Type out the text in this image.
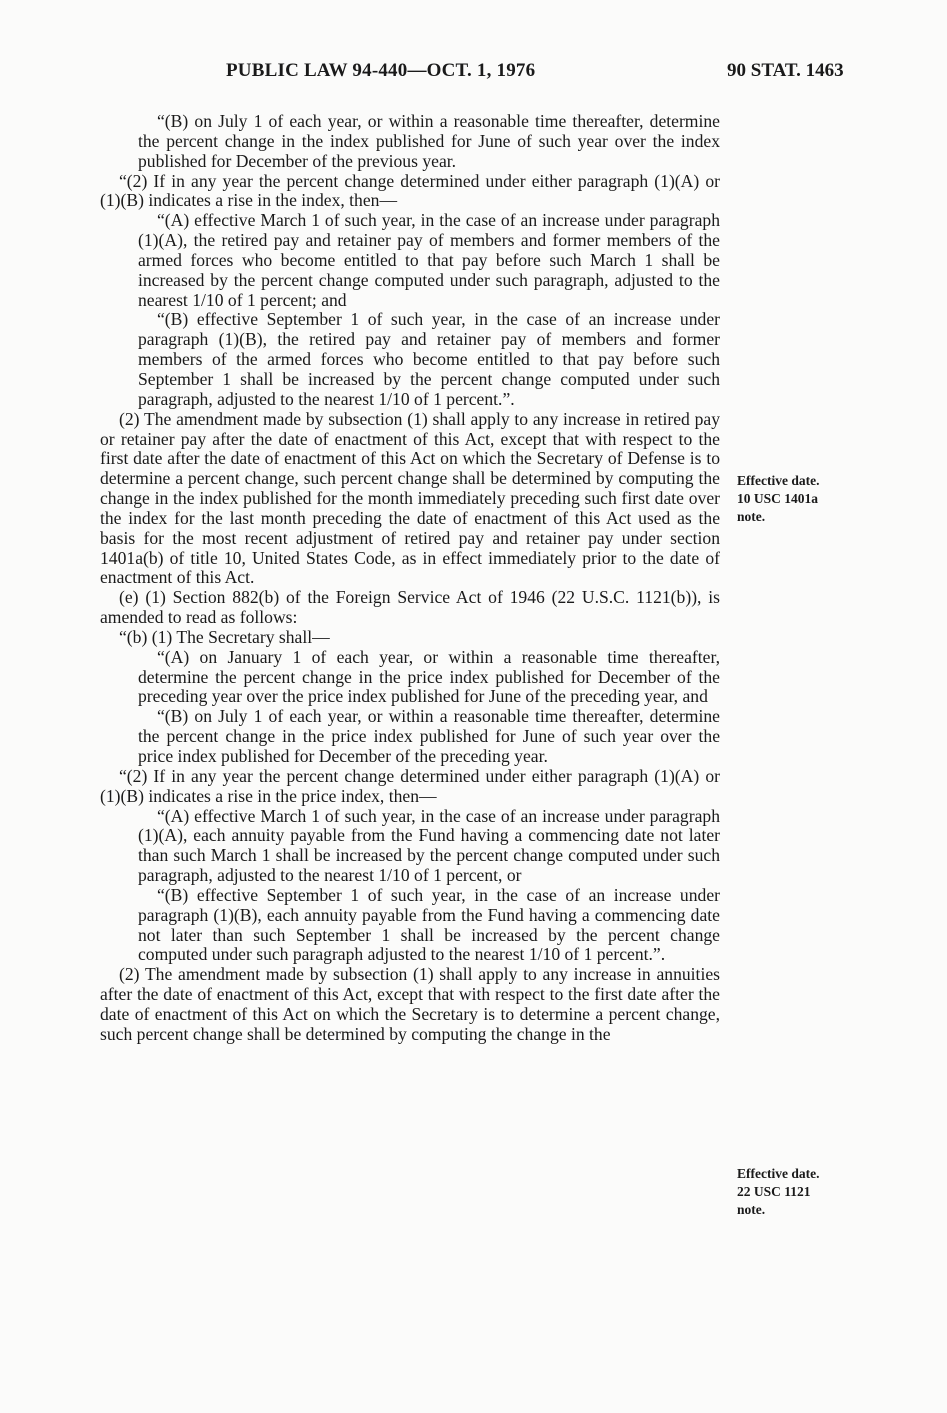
PUBLIC LAW 94-440—OCT. 1, 1976	90 STAT. 1463

“(B) on July 1 of each year, or within a reasonable time thereafter, determine the percent change in the index published for June of such year over the index published for December of the previous year.

“(2) If in any year the percent change determined under either paragraph (1)(A) or (1)(B) indicates a rise in the index, then—

“(A) effective March 1 of such year, in the case of an increase under paragraph (1)(A), the retired pay and retainer pay of members and former members of the armed forces who become entitled to that pay before such March 1 shall be increased by the percent change computed under such paragraph, adjusted to the nearest 1/10 of 1 percent; and

“(B) effective September 1 of such year, in the case of an increase under paragraph (1)(B), the retired pay and retainer pay of members and former members of the armed forces who become entitled to that pay before such September 1 shall be increased by the percent change computed under such paragraph, adjusted to the nearest 1/10 of 1 percent.”.

(2) The amendment made by subsection (1) shall apply to any increase in retired pay or retainer pay after the date of enactment of this Act, except that with respect to the first date after the date of enactment of this Act on which the Secretary of Defense is to determine a percent change, such percent change shall be determined by computing the change in the index published for the month immediately preceding such first date over the index for the last month preceding the date of enactment of this Act used as the basis for the most recent adjustment of retired pay and retainer pay under section 1401a(b) of title 10, United States Code, as in effect immediately prior to the date of enactment of this Act.

(e) (1) Section 882(b) of the Foreign Service Act of 1946 (22 U.S.C. 1121(b)), is amended to read as follows:

“(b) (1) The Secretary shall—

“(A) on January 1 of each year, or within a reasonable time thereafter, determine the percent change in the price index published for December of the preceding year over the price index published for June of the preceding year, and

“(B) on July 1 of each year, or within a reasonable time thereafter, determine the percent change in the price index published for June of such year over the price index published for December of the preceding year.

“(2) If in any year the percent change determined under either paragraph (1)(A) or (1)(B) indicates a rise in the price index, then—

“(A) effective March 1 of such year, in the case of an increase under paragraph (1)(A), each annuity payable from the Fund having a commencing date not later than such March 1 shall be increased by the percent change computed under such paragraph, adjusted to the nearest 1/10 of 1 percent, or

“(B) effective September 1 of such year, in the case of an increase under paragraph (1)(B), each annuity payable from the Fund having a commencing date not later than such September 1 shall be increased by the percent change computed under such paragraph adjusted to the nearest 1/10 of 1 percent.”.

(2) The amendment made by subsection (1) shall apply to any increase in annuities after the date of enactment of this Act, except that with respect to the first date after the date of enactment of this Act on which the Secretary is to determine a percent change, such percent change shall be determined by computing the change in the

Effective date.
10 USC 1401a
note.
Effective date.
22 USC 1121
note.
